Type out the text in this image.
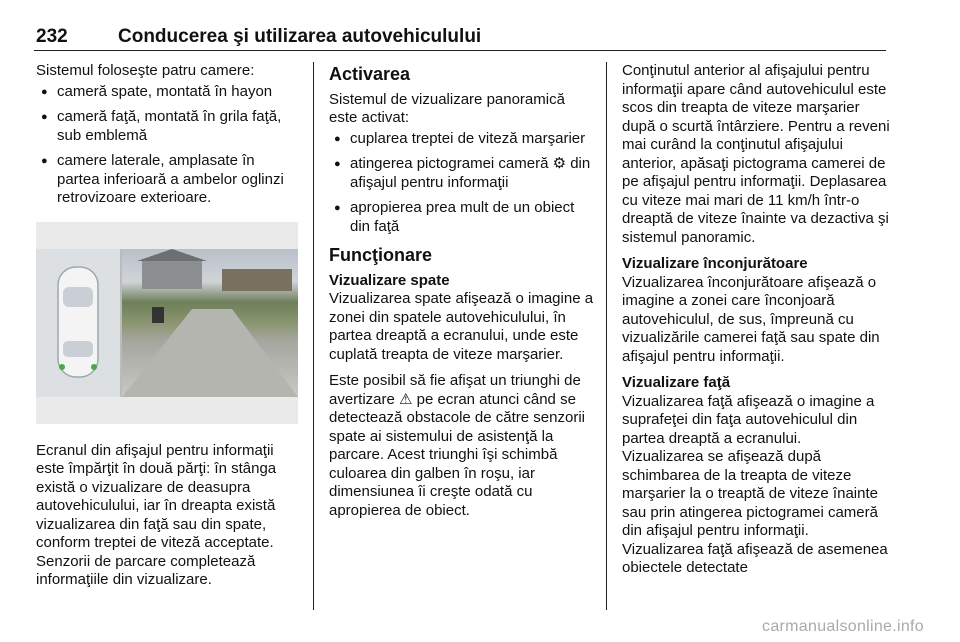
232	Conducerea şi utilizarea autovehiculului

Sistemul foloseşte patru camere:

● cameră spate, montată în hayon
● cameră faţă, montată în grila faţă, sub emblemă
● camere laterale, amplasate în partea inferioară a ambelor oglinzi retrovizoare exterioare.

Ecranul din afişajul pentru informaţii este împărţit în două părţi: în stânga există o vizualizare de deasupra autovehiculului, iar în dreapta există vizualizarea din faţă sau din spate, conform treptei de viteză acceptate. Senzorii de parcare completează informaţiile din vizualizare.

Activarea

Sistemul de vizualizare panoramică este activat:

● cuplarea treptei de viteză marşarier
● atingerea pictogramei cameră ⚙ din afişajul pentru informaţii
● apropierea prea mult de un obiect din faţă

Funcţionare

Vizualizare spate

Vizualizarea spate afişează o imagine a zonei din spatele autovehiculului, în partea dreaptă a ecranului, unde este cuplată treapta de viteze marşarier.

Este posibil să fie afişat un triunghi de avertizare ⚠ pe ecran atunci când se detectează obstacole de către senzorii spate ai sistemului de asistenţă la parcare. Acest triunghi îşi schimbă culoarea din galben în roşu, iar dimensiunea îi creşte odată cu apropierea de obiect.

Conţinutul anterior al afişajului pentru informaţii apare când autovehiculul este scos din treapta de viteze marşarier după o scurtă întârziere. Pentru a reveni mai curând la conţinutul afişajului anterior, apăsaţi pictograma camerei de pe afişajul pentru informaţii. Deplasarea cu viteze mai mari de 11 km/h într-o dreaptă de viteze înainte va dezactiva şi sistemul panoramic.

Vizualizare înconjurătoare

Vizualizarea înconjurătoare afişează o imagine a zonei care înconjoară autovehiculul, de sus, împreună cu vizualizările camerei faţă sau spate din afişajul pentru informaţii.

Vizualizare faţă

Vizualizarea faţă afişează o imagine a suprafeţei din faţa autovehiculul din partea dreaptă a ecranului.

Vizualizarea se afişează după schimbarea de la treapta de viteze marşarier la o treaptă de viteze înainte sau prin atingerea pictogramei cameră din afişajul pentru informaţii. Vizualizarea faţă afişează de asemenea obiectele detectate

carmanualsonline.info
